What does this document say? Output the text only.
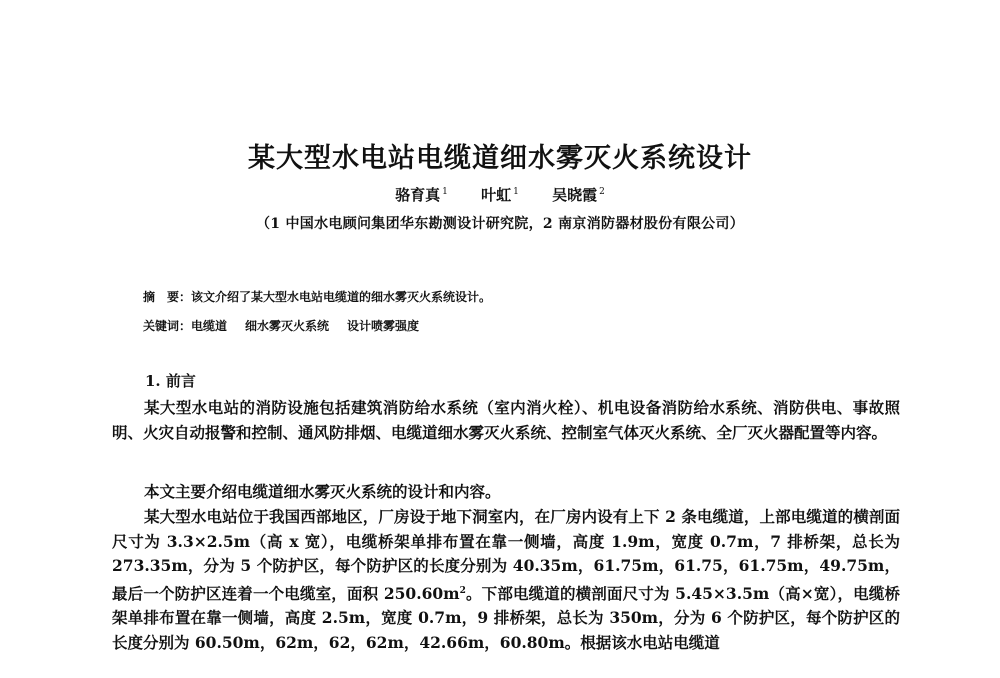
某大型水电站电缆道细水雾灭火系统设计
骆育真 $^1$ 叶虹 $^1$ 吴晓霞 $^2$
（1 中国水电顾问集团华东勘测设计研究院，2 南京消防器材股份有限公司）
摘　要：该文介绍了某大型水电站电缆道的细水雾灭火系统设计。
关键词：电缆道 细水雾灭火系统 设计喷雾强度
1. 前言

某大型水电站的消防设施包括建筑消防给水系统（室内消火栓）、机电设备消防给水系统、消防供电、事故照明、火灾自动报警和控制、通风防排烟、电缆道细水雾灭火系统、控制室气体灭火系统、全厂灭火器配置等内容。

本文主要介绍电缆道细水雾灭火系统的设计和内容。

某大型水电站位于我国西部地区，厂房设于地下洞室内，在厂房内设有上下 2 条电缆道，上部电缆道的横剖面尺寸为 3.3×2.5m（高 x 宽），电缆桥架单排布置在靠一侧墙，高度 1.9m，宽度 0.7m，7 排桥架，总长为 273.35m，分为 5 个防护区，每个防护区的长度分别为 40.35m，61.75m，61.75，61.75m，49.75m，最后一个防护区连着一个电缆室，面积 $250.60m^2$。下部电缆道的横剖面尺寸为 5.45×3.5m（高×宽），电缆桥架单排布置在靠一侧墙，高度 2.5m，宽度 0.7m，9 排桥架，总长为 350m，分为 6 个防护区，每个防护区的长度分别为 60.50m，62m，62，62m，42.66m，60.80m。根据该水电站电缆道
